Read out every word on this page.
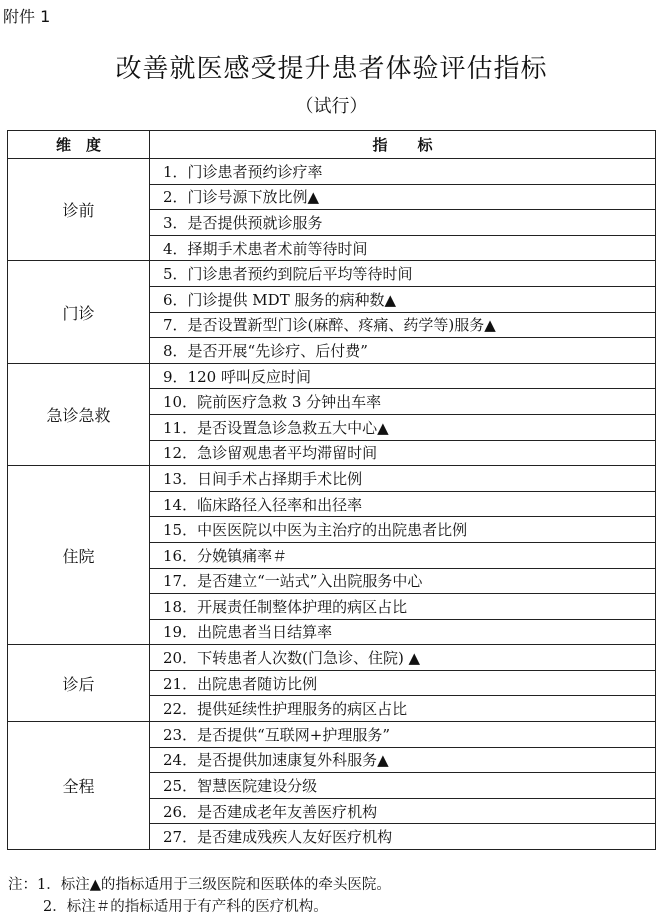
附件 1
改善就医感受提升患者体验评估指标
（试行）
维　度	指　　标
诊前	1．门诊患者预约诊疗率
	2．门诊号源下放比例▲
	3．是否提供预就诊服务
	4．择期手术患者术前等待时间
门诊	5．门诊患者预约到院后平均等待时间
	6．门诊提供 MDT 服务的病种数▲
	7．是否设置新型门诊(麻醉、疼痛、药学等)服务▲
	8．是否开展“先诊疗、后付费”
急诊急救	9．120 呼叫反应时间
	10．院前医疗急救 3 分钟出车率
	11．是否设置急诊急救五大中心▲
	12．急诊留观患者平均滞留时间
住院	13．日间手术占择期手术比例
	14．临床路径入径率和出径率
	15．中医医院以中医为主治疗的出院患者比例
	16．分娩镇痛率＃
	17．是否建立“一站式”入出院服务中心
	18．开展责任制整体护理的病区占比
	19．出院患者当日结算率
诊后	20．下转患者人次数(门急诊、住院) ▲
	21．出院患者随访比例
	22．提供延续性护理服务的病区占比
全程	23．是否提供“互联网+护理服务”
	24．是否提供加速康复外科服务▲
	25．智慧医院建设分级
	26．是否建成老年友善医疗机构
	27．是否建成残疾人友好医疗机构
注：1．标注▲的指标适用于三级医院和医联体的牵头医院。
2．标注＃的指标适用于有产科的医疗机构。
